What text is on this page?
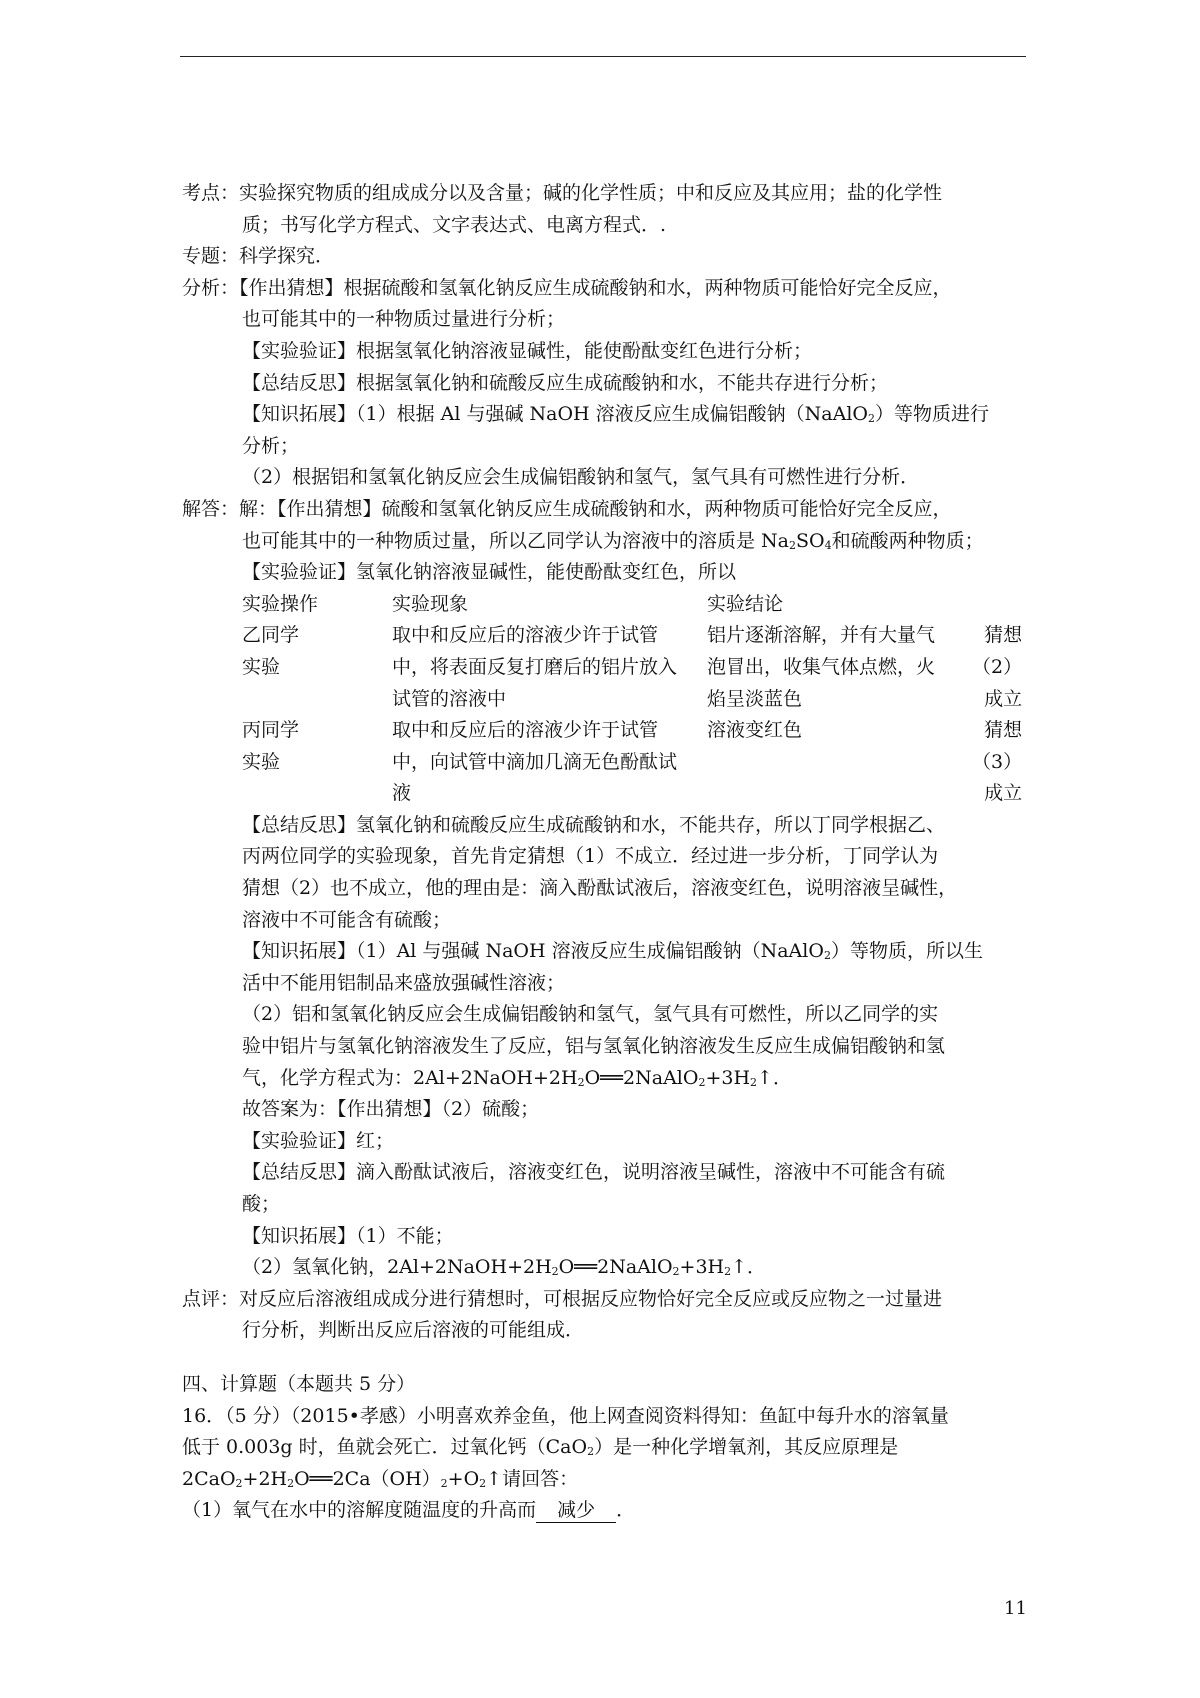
考点：实验探究物质的组成成分以及含量；碱的化学性质；中和反应及其应用；盐的化学性
质；书写化学方程式、文字表达式、电离方程式．.
专题：科学探究．
分析：【作出猜想】根据硫酸和氢氧化钠反应生成硫酸钠和水，两种物质可能恰好完全反应，
也可能其中的一种物质过量进行分析；
【实验验证】根据氢氧化钠溶液显碱性，能使酚酞变红色进行分析；
【总结反思】根据氢氧化钠和硫酸反应生成硫酸钠和水，不能共存进行分析；
【知识拓展】（1）根据 Al 与强碱 NaOH 溶液反应生成偏铝酸钠（NaAlO$_2$）等物质进行
分析；
（2）根据铝和氢氧化钠反应会生成偏铝酸钠和氢气，氢气具有可燃性进行分析．
解答：解：【作出猜想】硫酸和氢氧化钠反应生成硫酸钠和水，两种物质可能恰好完全反应，
也可能其中的一种物质过量，所以乙同学认为溶液中的溶质是 $Na_2SO_4$和硫酸两种物质；
【实验验证】氢氧化钠溶液显碱性，能使酚酞变红色，所以
实验操作	实验现象	实验结论	
乙同学	取中和反应后的溶液少许于试管	铝片逐渐溶解，并有大量气	猜想
实验	中，将表面反复打磨后的铝片放入	泡冒出，收集气体点燃，火	（2）
	试管的溶液中	焰呈淡蓝色	成立
丙同学	取中和反应后的溶液少许于试管	溶液变红色	猜想
实验	中，向试管中滴加几滴无色酚酞试		（3）
	液		成立
【总结反思】氢氧化钠和硫酸反应生成硫酸钠和水，不能共存，所以丁同学根据乙、
丙两位同学的实验现象，首先肯定猜想（1）不成立．经过进一步分析，丁同学认为
猜想（2）也不成立，他的理由是：滴入酚酞试液后，溶液变红色，说明溶液呈碱性，
溶液中不可能含有硫酸；
【知识拓展】（1）Al 与强碱 NaOH 溶液反应生成偏铝酸钠（NaAlO$_2$）等物质，所以生
活中不能用铝制品来盛放强碱性溶液；
（2）铝和氢氧化钠反应会生成偏铝酸钠和氢气，氢气具有可燃性，所以乙同学的实
验中铝片与氢氧化钠溶液发生了反应，铝与氢氧化钠溶液发生反应生成偏铝酸钠和氢
气，化学方程式为：$2Al+2NaOH+2H_2O══2NaAlO_2+3H_2↑$．
故答案为：【作出猜想】（2）硫酸；
【实验验证】红；
【总结反思】滴入酚酞试液后，溶液变红色，说明溶液呈碱性，溶液中不可能含有硫
酸；
【知识拓展】（1）不能；
（2）氢氧化钠，$2Al+2NaOH+2H_2O══2NaAlO_2+3H_2↑$．
点评：对反应后溶液组成成分进行猜想时，可根据反应物恰好完全反应或反应物之一过量进
行分析，判断出反应后溶液的可能组成．
四、计算题（本题共 5 分）
16．（5 分）（2015•孝感）小明喜欢养金鱼，他上网查阅资料得知：鱼缸中每升水的溶氧量
低于 0.003g 时，鱼就会死亡．过氧化钙（CaO$_2$）是一种化学增氧剂，其反应原理是
$2CaO_2+2H_2O══2Ca(OH)_2+O_2↑$请回答：
（1）氧气在水中的溶解度随温度的升高而 减少 ．
11
